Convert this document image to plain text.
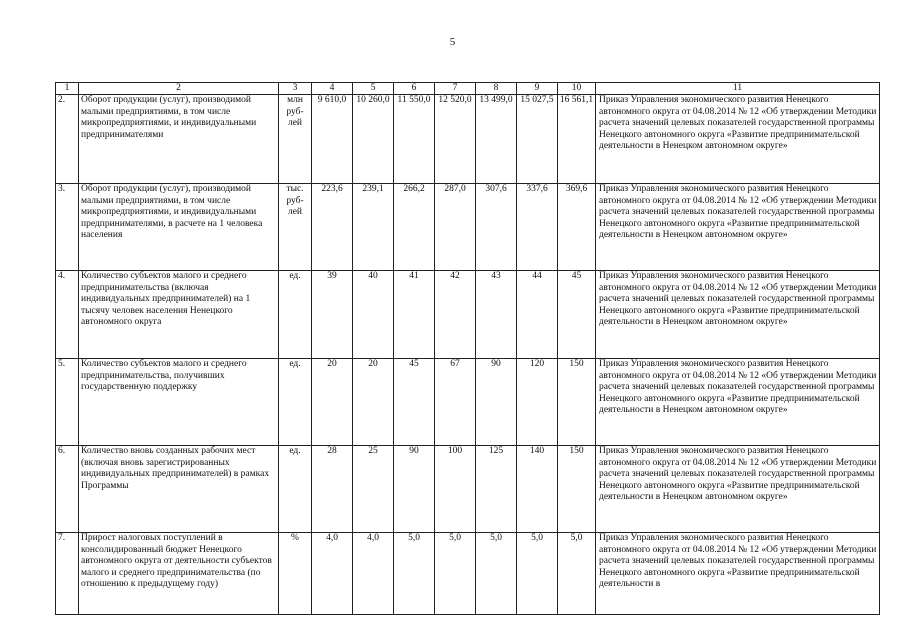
5
1	2	3	4	5	6	7	8	9	10	11
2.	Оборот продукции (услуг), производимой малыми предприятиями, в том числе микропредприятиями, и индивидуальными предпринимателями	млн руб-лей	9 610,0	10 260,0	11 550,0	12 520,0	13 499,0	15 027,5	16 561,1	Приказ Управления экономического развития Ненецкого автономного округа от 04.08.2014 № 12 «Об утверждении Методики расчета значений целевых показателей государственной программы Ненецкого автономного округа «Развитие предпринимательской деятельности в Ненецком автономном округе»
3.	Оборот продукции (услуг), производимой малыми предприятиями, в том числе микропредприятиями, и индивидуальными предпринимателями, в расчете на 1 человека населения	тыс. руб-лей	223,6	239,1	266,2	287,0	307,6	337,6	369,6	Приказ Управления экономического развития Ненецкого автономного округа от 04.08.2014 № 12 «Об утверждении Методики расчета значений целевых показателей государственной программы Ненецкого автономного округа «Развитие предпринимательской деятельности в Ненецком автономном округе»
4.	Количество субъектов малого и среднего предпринимательства (включая индивидуальных предпринимателей) на 1 тысячу человек населения Ненецкого автономного округа	ед.	39	40	41	42	43	44	45	Приказ Управления экономического развития Ненецкого автономного округа от 04.08.2014 № 12 «Об утверждении Методики расчета значений целевых показателей государственной программы Ненецкого автономного округа «Развитие предпринимательской деятельности в Ненецком автономном округе»
5.	Количество субъектов малого и среднего предпринимательства, получивших государственную поддержку	ед.	20	20	45	67	90	120	150	Приказ Управления экономического развития Ненецкого автономного округа от 04.08.2014 № 12 «Об утверждении Методики расчета значений целевых показателей государственной программы Ненецкого автономного округа «Развитие предпринимательской деятельности в Ненецком автономном округе»
6.	Количество вновь созданных рабочих мест (включая вновь зарегистрированных индивидуальных предпринимателей) в рамках Программы	ед.	28	25	90	100	125	140	150	Приказ Управления экономического развития Ненецкого автономного округа от 04.08.2014 № 12 «Об утверждении Методики расчета значений целевых показателей государственной программы Ненецкого автономного округа «Развитие предпринимательской деятельности в Ненецком автономном округе»
7.	Прирост налоговых поступлений в консолидированный бюджет Ненецкого автономного округа от деятельности субъектов малого и среднего предпринимательства (по отношению к предыдущему году)	%	4,0	4,0	5,0	5,0	5,0	5,0	5,0	Приказ Управления экономического развития Ненецкого автономного округа от 04.08.2014 № 12 «Об утверждении Методики расчета значений целевых показателей государственной программы Ненецкого автономного округа «Развитие предпринимательской деятельности в
